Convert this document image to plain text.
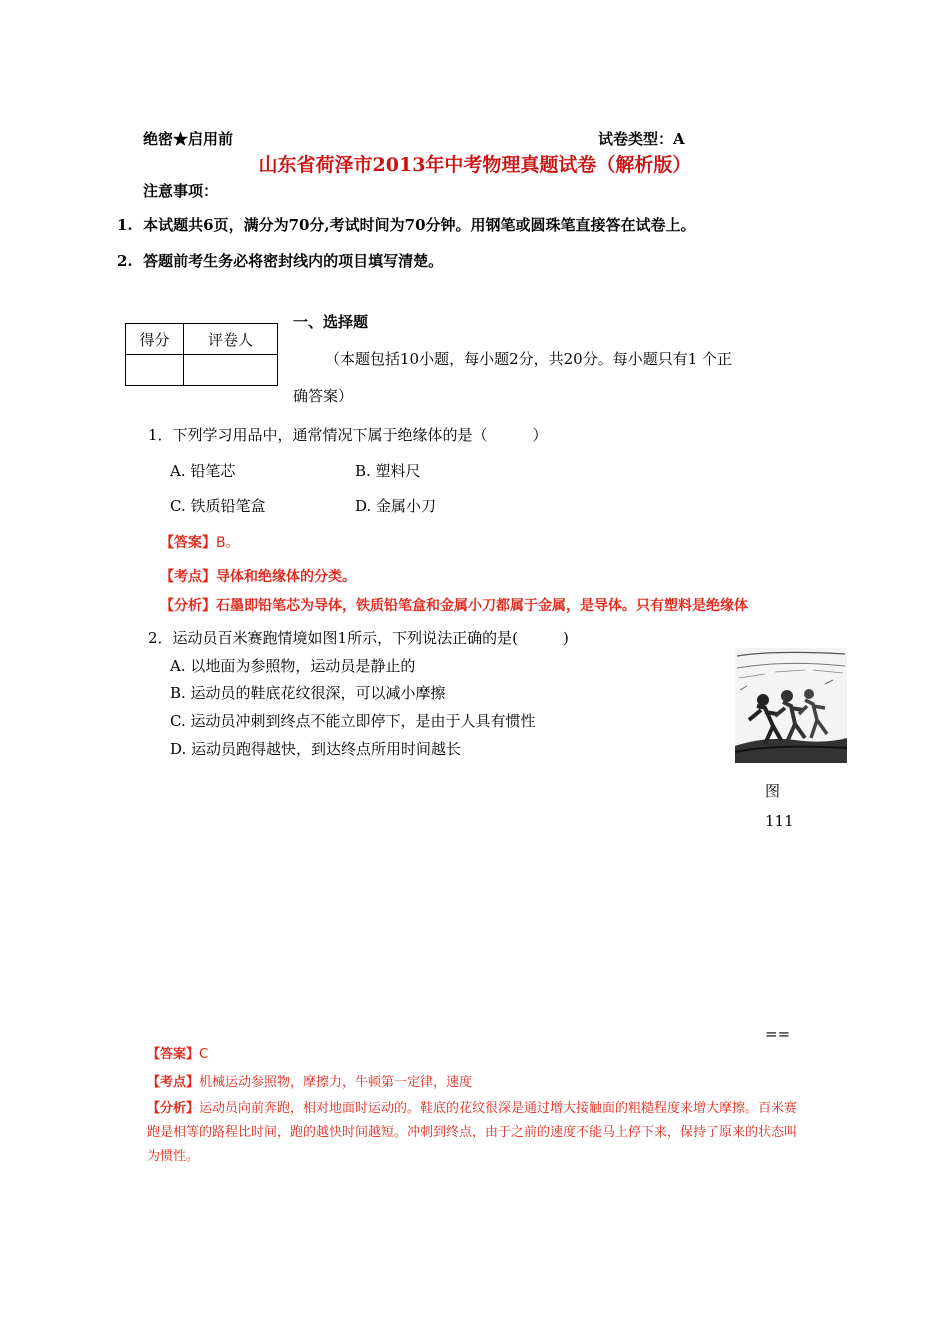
绝密★启用前	试卷类型：A
山东省荷泽市2013年中考物理真题试卷（解析版）
注意事项：
1. 本试题共6页，满分为70分,考试时间为70分钟。用钢笔或圆珠笔直接答在试卷上。
2. 答题前考生务必将密封线内的项目填写清楚。
得分	评卷人

一、选择题
（本题包括10小题，每小题2分，共20分。每小题只有1 个正
确答案）
1．下列学习用品中，通常情况下属于绝缘体的是（　　　）
A. 铅笔芯	B. 塑料尺
C. 铁质铅笔盒	D. 金属小刀
【答案】B。
【考点】导体和绝缘体的分类。
【分析】石墨即铅笔芯为导体，铁质铅笔盒和金属小刀都属于金属，是导体。只有塑料是绝缘体
2．运动员百米赛跑情境如图1所示，下列说法正确的是(　　　)
A. 以地面为参照物，运动员是静止的
B. 运动员的鞋底花纹很深，可以减小摩擦
C. 运动员冲刺到终点不能立即停下，是由于人具有惯性
D. 运动员跑得越快，到达终点所用时间越长
图
111
==
【答案】C
【考点】机械运动参照物，摩擦力，牛顿第一定律，速度
【分析】运动员向前奔跑，相对地面时运动的。鞋底的花纹很深是通过增大接触面的粗糙程度来增大摩擦。百米赛
跑是相等的路程比时间，跑的越快时间越短。冲刺到终点，由于之前的速度不能马上停下来，保持了原来的状态叫
为惯性。
